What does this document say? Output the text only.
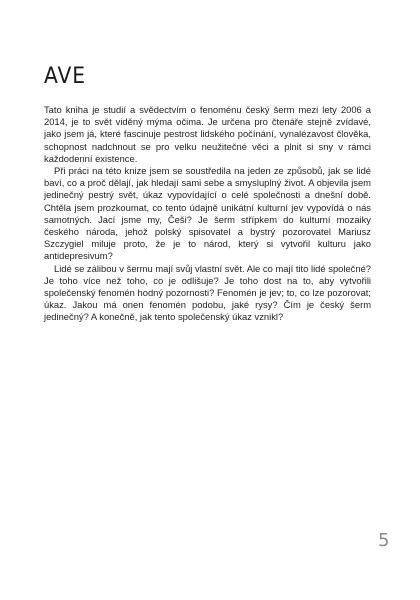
AVE

Tato kniha je studií a svědectvím o fenoménu český šerm mezi lety 2006 a 2014, je to svět viděný mýma očima. Je určena pro čtenáře stejně zvídavé, jako jsem já, které fascinuje pestrost lidského počínání, vynalézavost člověka, schopnost nadchnout se pro velku neužitečné věci a plnit si sny v rámci každodenní existence.

Při práci na této knize jsem se soustředila na jeden ze způsobů, jak se lidé baví, co a proč dělají, jak hledají sami sebe a smysluplný život. A objevila jsem jedinečný pestrý svět, úkaz vypovídající o celé společnosti a dnešní době. Chtěla jsem prozkoumat, co tento údajně unikátní kulturní jev vypovídá o nás samotných. Jací jsme my, Češi? Je šerm střípkem do kulturní mozaiky českého národa, jehož polský spisovatel a bystrý pozorovatel Mariusz Szczygiel miluje proto, že je to národ, který si vytvořil kulturu jako antidepresivum?

Lidé se zálibou v šermu mají svůj vlastní svět. Ale co mají tito lidé společné? Je toho více než toho, co je odlišuje? Je toho dost na to, aby vytvořili společenský fenomén hodný pozornosti? Fenomén je jev; to, co lze pozorovat; úkaz. Jakou má onen fenomén podobu, jaké rysy? Čím je český šerm jedinečný? A konečně, jak tento společenský úkaz vznikl?

5
